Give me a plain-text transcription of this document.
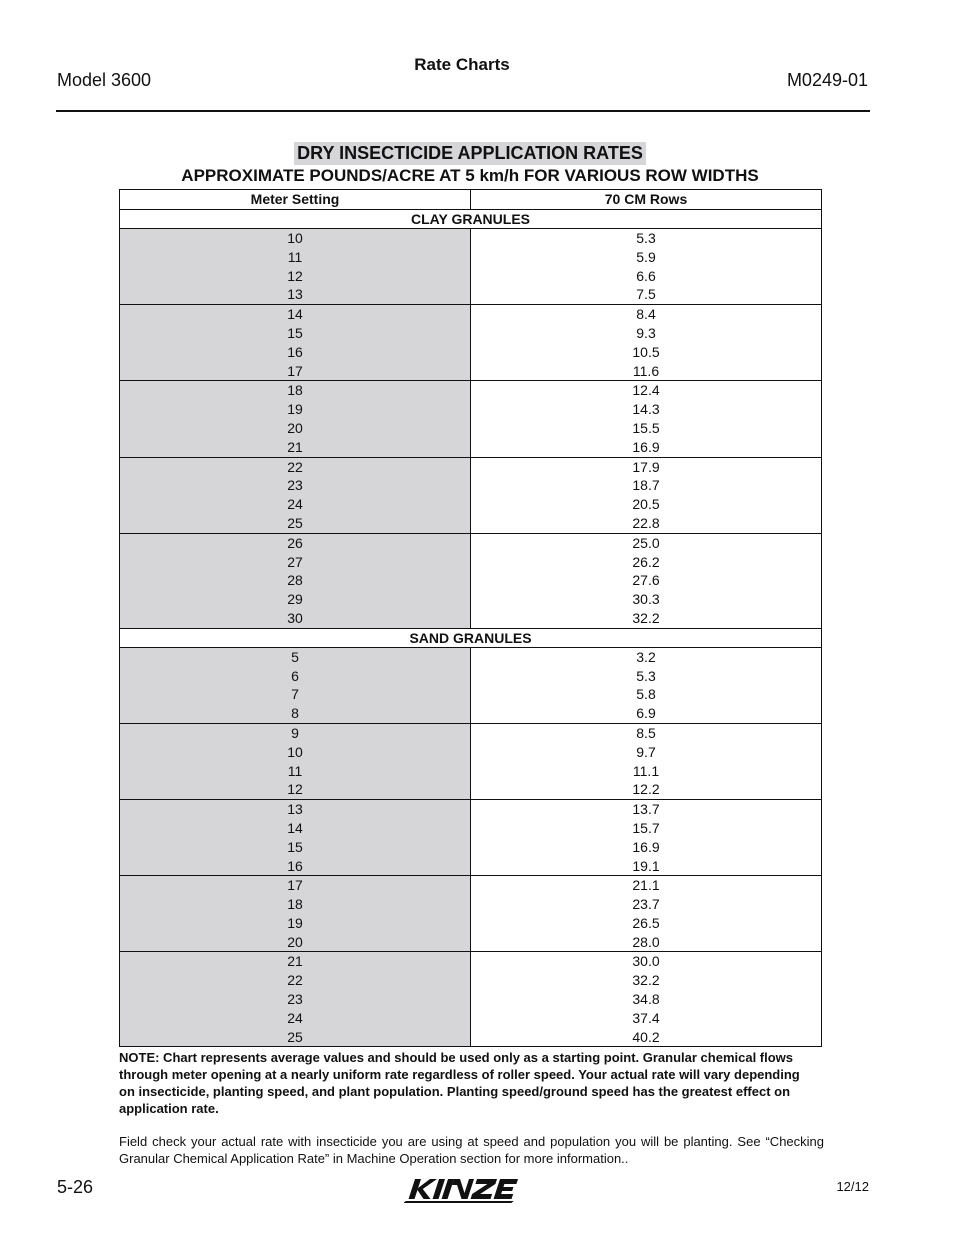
Model 3600
Rate Charts
M0249-01
DRY INSECTICIDE APPLICATION RATES
APPROXIMATE POUNDS/ACRE AT 5 km/h FOR VARIOUS ROW WIDTHS
Meter Setting	70 CM Rows
CLAY GRANULES
10
11
12
13
5.3
5.9
6.6
7.5
14
15
16
17
8.4
9.3
10.5
11.6
18
19
20
21
12.4
14.3
15.5
16.9
22
23
24
25
17.9
18.7
20.5
22.8
26
27
28
29
30
25.0
26.2
27.6
30.3
32.2
SAND GRANULES
5
6
7
8
3.2
5.3
5.8
6.9
9
10
11
12
8.5
9.7
11.1
12.2
13
14
15
16
13.7
15.7
16.9
19.1
17
18
19
20
21.1
23.7
26.5
28.0
21
22
23
24
25
30.0
32.2
34.8
37.4
40.2
NOTE: Chart represents average values and should be used only as a starting point. Granular chemical flows through meter opening at a nearly uniform rate regardless of roller speed. Your actual rate will vary depending on insecticide, planting speed, and plant population. Planting speed/ground speed has the greatest effect on application rate.
Field check your actual rate with insecticide you are using at speed and population you will be planting. See “Checking Granular Chemical Application Rate” in Machine Operation section for more information..
5-26	12/12
